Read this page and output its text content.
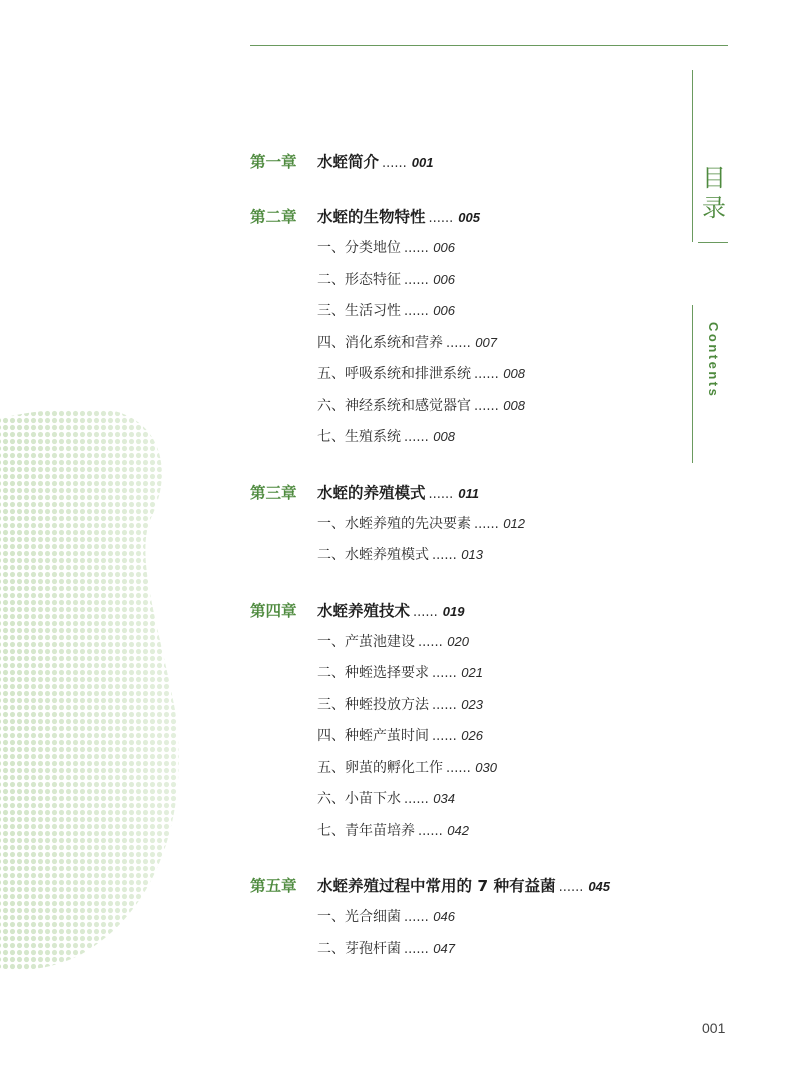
目录
Contents
第一章 水蛭简介 ...... 001
第二章 水蛭的生物特性 ...... 005
一、分类地位 ...... 006
二、形态特征 ...... 006
三、生活习性 ...... 006
四、消化系统和营养 ...... 007
五、呼吸系统和排泄系统 ...... 008
六、神经系统和感觉器官 ...... 008
七、生殖系统 ...... 008
第三章 水蛭的养殖模式 ...... 011
一、水蛭养殖的先决要素 ...... 012
二、水蛭养殖模式 ...... 013
第四章 水蛭养殖技术 ...... 019
一、产茧池建设 ...... 020
二、种蛭选择要求 ...... 021
三、种蛭投放方法 ...... 023
四、种蛭产茧时间 ...... 026
五、卵茧的孵化工作 ...... 030
六、小苗下水 ...... 034
七、青年苗培养 ...... 042
第五章 水蛭养殖过程中常用的 7 种有益菌 ...... 045
一、光合细菌 ...... 046
二、芽孢杆菌 ...... 047
001
